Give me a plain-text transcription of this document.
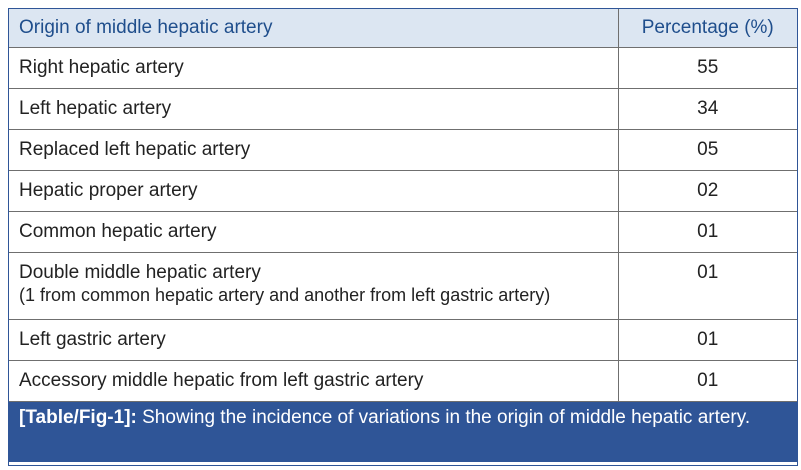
Origin of middle hepatic artery	Percentage (%)
Right hepatic artery	55
Left hepatic artery	34
Replaced left hepatic artery	05
Hepatic proper artery	02
Common hepatic artery	01
Double middle hepatic artery
(1 from common hepatic artery and another from left gastric artery)	01
Left gastric artery	01
Accessory middle hepatic from left gastric artery	01
[Table/Fig-1]: Showing the incidence of variations in the origin of middle hepatic artery.
